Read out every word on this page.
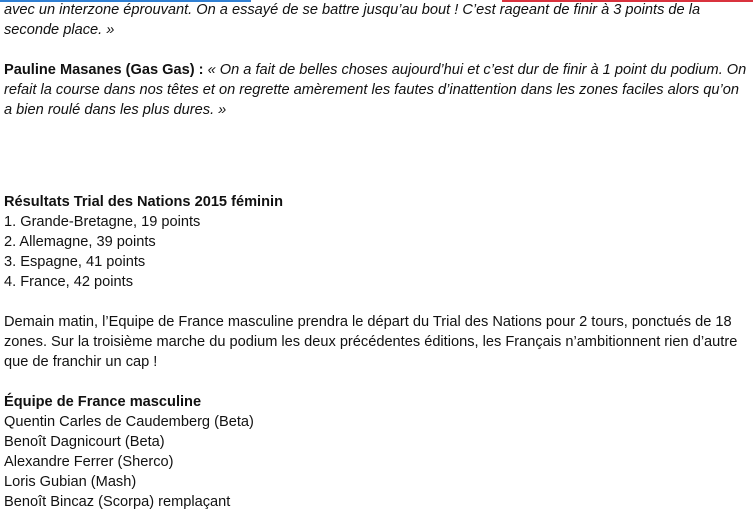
avec un interzone éprouvant. On a essayé de se battre jusqu’au bout ! C’est rageant de finir à 3 points de la seconde place. »

Pauline Masanes (Gas Gas) : « On a fait de belles choses aujourd’hui et c’est dur de finir à 1 point du podium. On refait la course dans nos têtes et on regrette amèrement les fautes d’inattention dans les zones faciles alors qu’on a bien roulé dans les plus dures. »

Résultats Trial des Nations 2015 féminin
1. Grande-Bretagne, 19 points
2. Allemagne, 39 points
3. Espagne, 41 points
4. France, 42 points

Demain matin, l’Equipe de France masculine prendra le départ du Trial des Nations pour 2 tours, ponctués de 18 zones. Sur la troisième marche du podium les deux précédentes éditions, les Français n’ambitionnent rien d’autre que de franchir un cap !

Équipe de France masculine
Quentin Carles de Caudemberg (Beta)
Benoît Dagnicourt (Beta)
Alexandre Ferrer (Sherco)
Loris Gubian (Mash)
Benoît Bincaz (Scorpa) remplaçant
